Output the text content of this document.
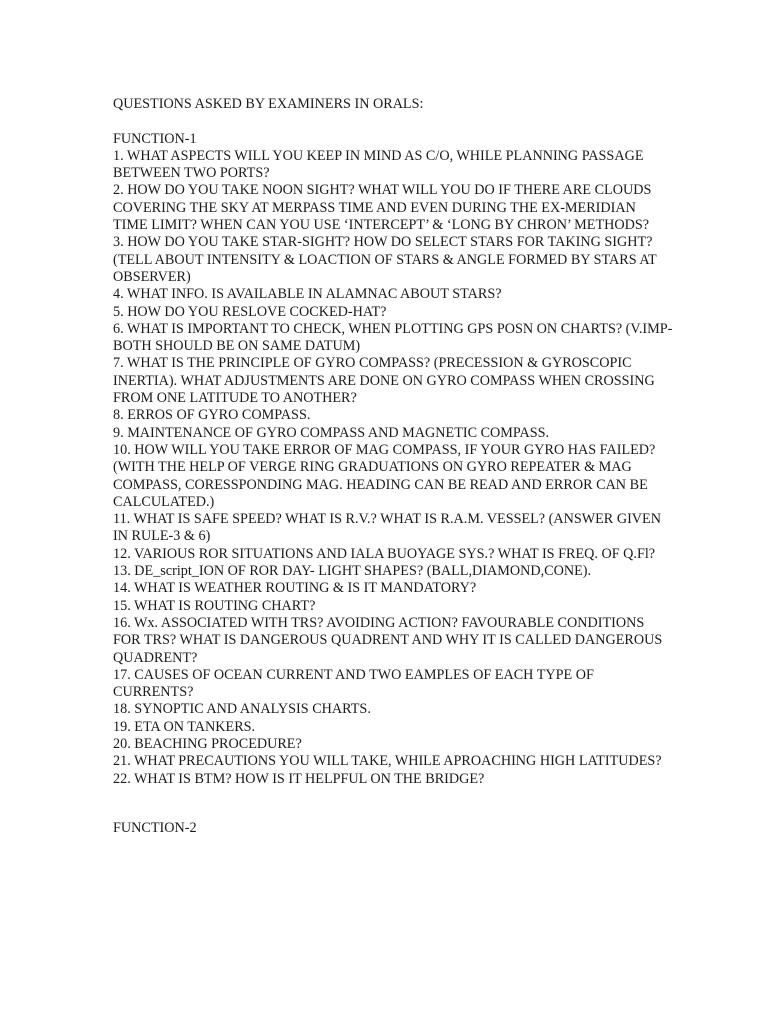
QUESTIONS ASKED BY EXAMINERS IN ORALS:

FUNCTION-1

1. WHAT ASPECTS WILL YOU KEEP IN MIND AS C/O, WHILE PLANNING PASSAGE BETWEEN TWO PORTS?

2. HOW DO YOU TAKE NOON SIGHT? WHAT WILL YOU DO IF THERE ARE CLOUDS COVERING THE SKY AT MERPASS TIME AND EVEN DURING THE EX-MERIDIAN TIME LIMIT? WHEN CAN YOU USE ‘INTERCEPT’ & ‘LONG BY CHRON’ METHODS?

3. HOW DO YOU TAKE STAR-SIGHT? HOW DO SELECT STARS FOR TAKING SIGHT? (TELL ABOUT INTENSITY & LOACTION OF STARS & ANGLE FORMED BY STARS AT OBSERVER)

4. WHAT INFO. IS AVAILABLE IN ALAMNAC ABOUT STARS?

5. HOW DO YOU RESLOVE COCKED-HAT?

6. WHAT IS IMPORTANT TO CHECK, WHEN PLOTTING GPS POSN ON CHARTS? (V.IMP-BOTH SHOULD BE ON SAME DATUM)

7. WHAT IS THE PRINCIPLE OF GYRO COMPASS? (PRECESSION & GYROSCOPIC INERTIA). WHAT ADJUSTMENTS ARE DONE ON GYRO COMPASS WHEN CROSSING FROM ONE LATITUDE TO ANOTHER?

8. ERROS OF GYRO COMPASS.

9. MAINTENANCE OF GYRO COMPASS AND MAGNETIC COMPASS.

10. HOW WILL YOU TAKE ERROR OF MAG COMPASS, IF YOUR GYRO HAS FAILED?(WITH THE HELP OF VERGE RING GRADUATIONS ON GYRO REPEATER & MAG COMPASS, CORESSPONDING MAG. HEADING CAN BE READ AND ERROR CAN BE CALCULATED.)

11. WHAT IS SAFE SPEED? WHAT IS R.V.? WHAT IS R.A.M. VESSEL? (ANSWER GIVEN IN RULE-3 & 6)

12. VARIOUS ROR SITUATIONS AND IALA BUOYAGE SYS.? WHAT IS FREQ. OF Q.Fl?

13. DE_script_ION OF ROR DAY- LIGHT SHAPES? (BALL,DIAMOND,CONE).

14. WHAT IS WEATHER ROUTING & IS IT MANDATORY?

15. WHAT IS ROUTING CHART?

16. Wx. ASSOCIATED WITH TRS? AVOIDING ACTION? FAVOURABLE CONDITIONS FOR TRS? WHAT IS DANGEROUS QUADRENT AND WHY IT IS CALLED DANGEROUS QUADRENT?

17. CAUSES OF OCEAN CURRENT AND TWO EAMPLES OF EACH TYPE OF CURRENTS?

18. SYNOPTIC AND ANALYSIS CHARTS.

19. ETA ON TANKERS.

20. BEACHING PROCEDURE?

21. WHAT PRECAUTIONS YOU WILL TAKE, WHILE APROACHING HIGH LATITUDES?

22. WHAT IS BTM? HOW IS IT HELPFUL ON THE BRIDGE?

FUNCTION-2
